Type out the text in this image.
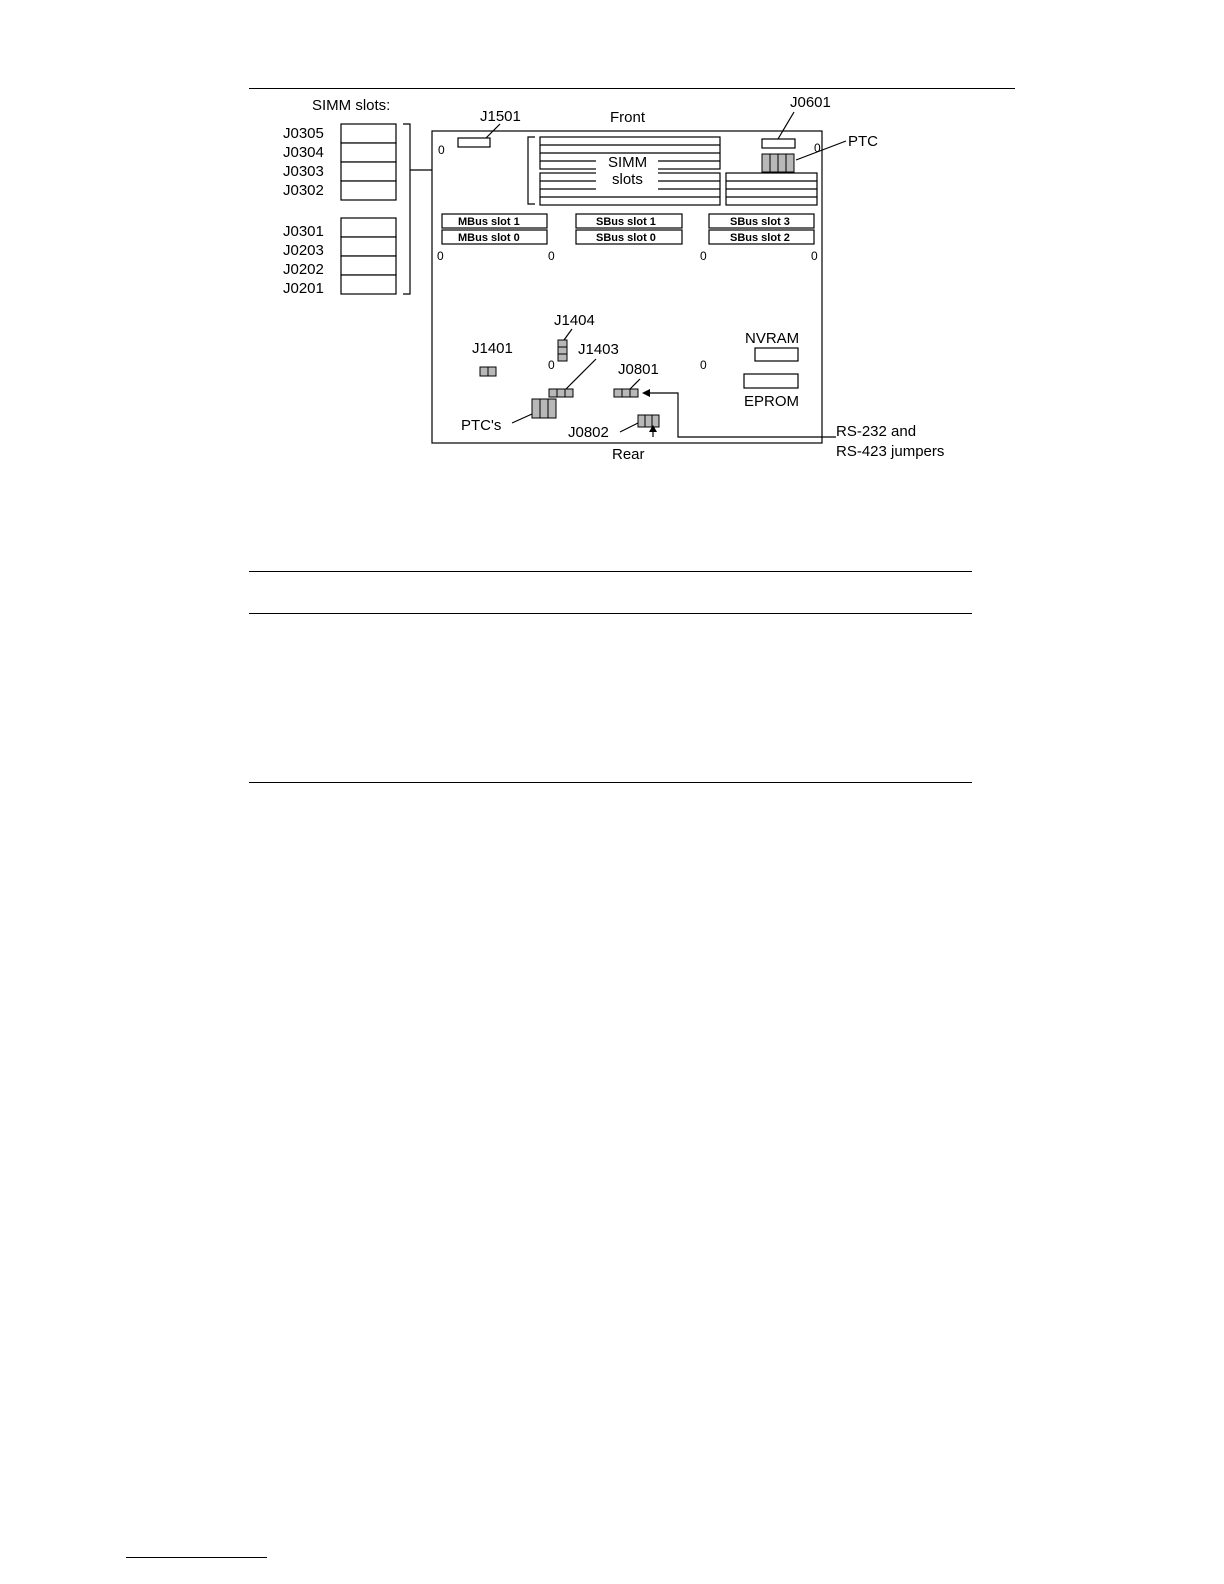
SIMM slots:
J0305
J0304
J0303
J0302
J0301
J0203
J0202
J0201
Front
Rear
J1501
J0601
PTC
SIMM
slots
MBus slot 1
MBus slot 0
SBus slot 1
SBus slot 0
SBus slot 3
SBus slot 2
0	0
0	0	0	0
0	0
J1404
J1401	J1403
PTC's
J0801
J0802
NVRAM
EPROM
RS-232 and
RS-423 jumpers
